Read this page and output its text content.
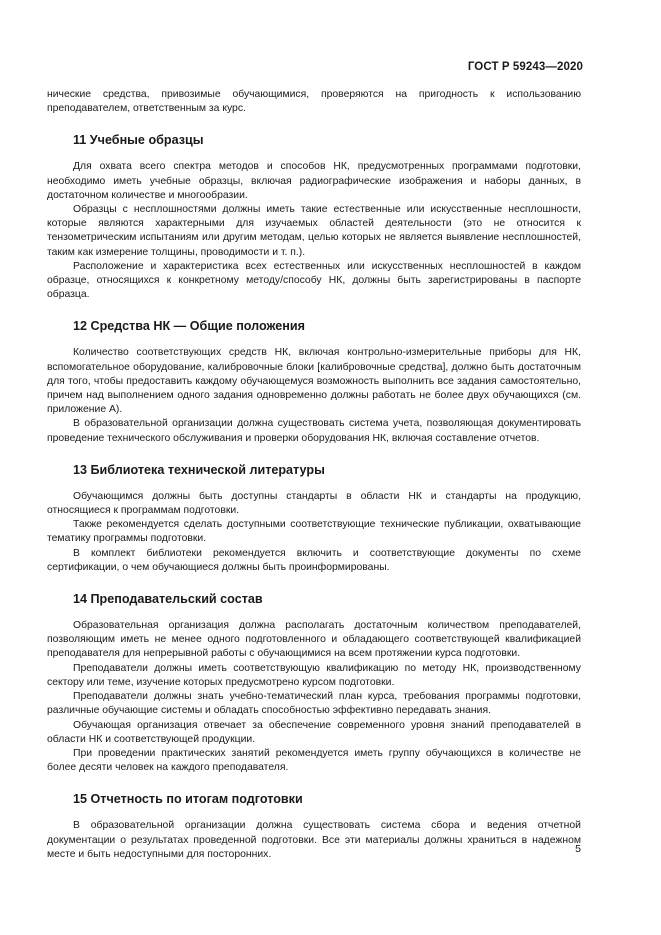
ГОСТ Р 59243—2020

нические средства, привозимые обучающимися, проверяются на пригодность к использованию преподавателем, ответственным за курс.

11 Учебные образцы

Для охвата всего спектра методов и способов НК, предусмотренных программами подготовки, необходимо иметь учебные образцы, включая радиографические изображения и наборы данных, в достаточном количестве и многообразии.

Образцы с несплошностями должны иметь такие естественные или искусственные несплошности, которые являются характерными для изучаемых областей деятельности (это не относится к тензометрическим испытаниям или другим методам, целью которых не является выявление несплошностей, таким как измерение толщины, проводимости и т. п.).

Расположение и характеристика всех естественных или искусственных несплошностей в каждом образце, относящихся к конкретному методу/способу НК, должны быть зарегистрированы в паспорте образца.

12 Средства НК — Общие положения

Количество соответствующих средств НК, включая контрольно-измерительные приборы для НК, вспомогательное оборудование, калибровочные блоки [калибровочные средства], должно быть достаточным для того, чтобы предоставить каждому обучающемуся возможность выполнить все задания самостоятельно, причем над выполнением одного задания одновременно должны работать не более двух обучающихся (см. приложение А).

В образовательной организации должна существовать система учета, позволяющая документировать проведение технического обслуживания и проверки оборудования НК, включая составление отчетов.

13 Библиотека технической литературы

Обучающимся должны быть доступны стандарты в области НК и стандарты на продукцию, относящиеся к программам подготовки.

Также рекомендуется сделать доступными соответствующие технические публикации, охватывающие тематику программы подготовки.

В комплект библиотеки рекомендуется включить и соответствующие документы по схеме сертификации, о чем обучающиеся должны быть проинформированы.

14 Преподавательский состав

Образовательная организация должна располагать достаточным количеством преподавателей, позволяющим иметь не менее одного подготовленного и обладающего соответствующей квалификацией преподавателя для непрерывной работы с обучающимися на всем протяжении курса подготовки.

Преподаватели должны иметь соответствующую квалификацию по методу НК, производственному сектору или теме, изучение которых предусмотрено курсом подготовки.

Преподаватели должны знать учебно-тематический план курса, требования программы подготовки, различные обучающие системы и обладать способностью эффективно передавать знания.

Обучающая организация отвечает за обеспечение современного уровня знаний преподавателей в области НК и соответствующей продукции.

При проведении практических занятий рекомендуется иметь группу обучающихся в количестве не более десяти человек на каждого преподавателя.

15 Отчетность по итогам подготовки

В образовательной организации должна существовать система сбора и ведения отчетной документации о результатах проведенной подготовки. Все эти материалы должны храниться в надежном месте и быть недоступными для посторонних.	5
